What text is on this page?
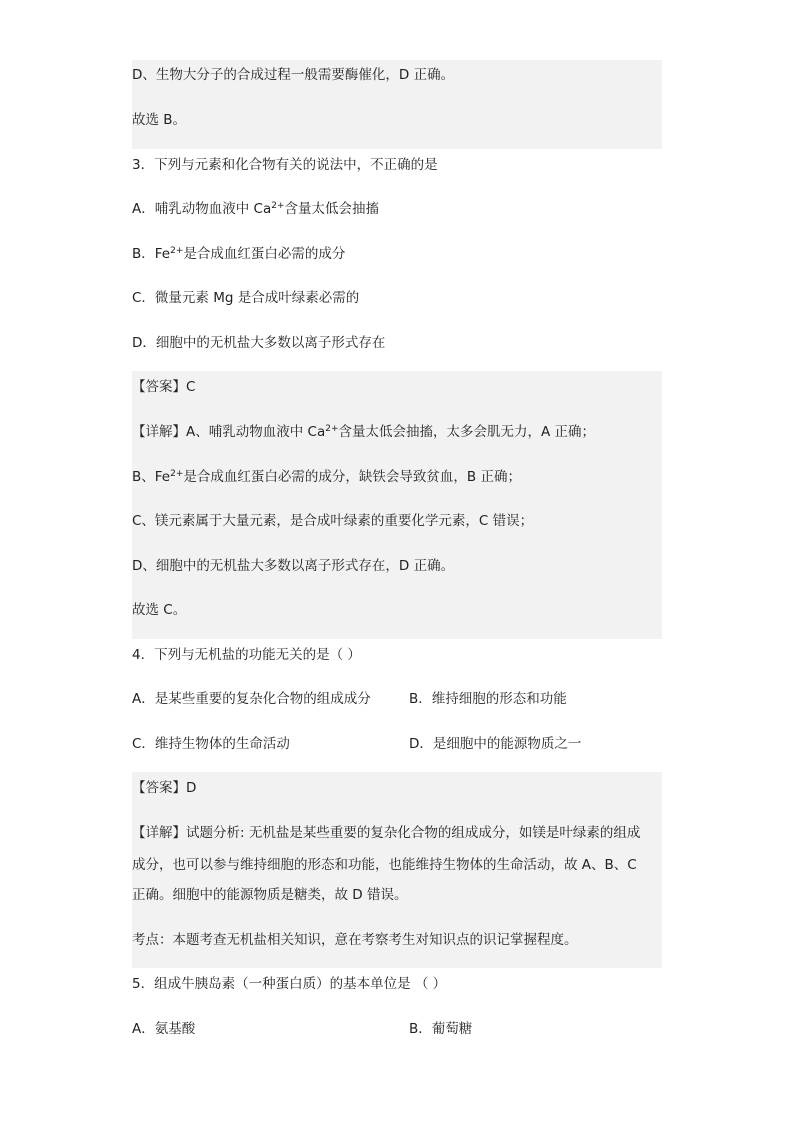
D、生物大分子的合成过程一般需要酶催化，D 正确。
故选 B。
3．下列与元素和化合物有关的说法中，不正确的是
A．哺乳动物血液中 $Ca^{2+}$含量太低会抽搐
B．$Fe^{2+}$是合成血红蛋白必需的成分
C．微量元素 Mg 是合成叶绿素必需的
D．细胞中的无机盐大多数以离子形式存在
【答案】C
【详解】A、哺乳动物血液中 $Ca^{2+}$含量太低会抽搐，太多会肌无力，A 正确；
B、$Fe^{2+}$是合成血红蛋白必需的成分，缺铁会导致贫血，B 正确；
C、镁元素属于大量元素，是合成叶绿素的重要化学元素，C 错误；
D、细胞中的无机盐大多数以离子形式存在，D 正确。
故选 C。
4．下列与无机盐的功能无关的是（ ）
A．是某些重要的复杂化合物的组成成分	B．维持细胞的形态和功能
C．维持生物体的生命活动	D．是细胞中的能源物质之一
【答案】D
【详解】试题分析: 无机盐是某些重要的复杂化合物的组成成分，如镁是叶绿素的组成
成分，也可以参与维持细胞的形态和功能，也能维持生物体的生命活动，故 A、B、C
正确。细胞中的能源物质是糖类，故 D 错误。
考点：本题考查无机盐相关知识，意在考察考生对知识点的识记掌握程度。
5．组成牛胰岛素（一种蛋白质）的基本单位是 （ ）
A．氨基酸	B．葡萄糖
